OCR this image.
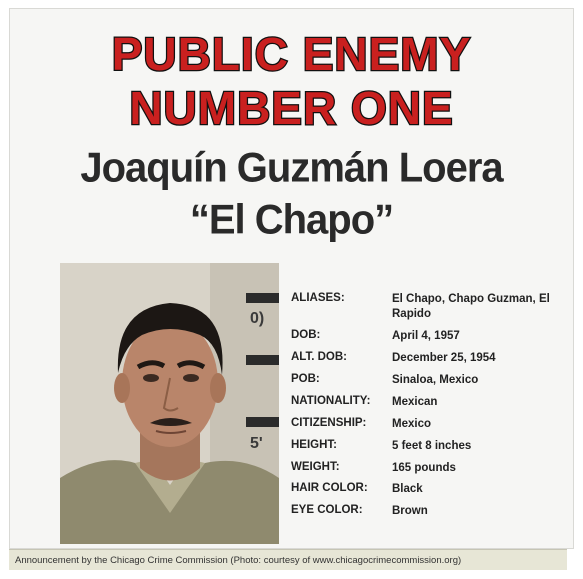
PUBLIC ENEMY
NUMBER ONE
Joaquín Guzmán Loera
“El Chapo”
0)
5'
ALIASES:	El Chapo, Chapo Guzman, El Rapido
DOB:	April 4, 1957
ALT. DOB:	December 25, 1954
POB:	Sinaloa, Mexico
NATIONALITY:	Mexican
CITIZENSHIP:	Mexico
HEIGHT:	5 feet 8 inches
WEIGHT:	165 pounds
HAIR COLOR:	Black
EYE COLOR:	Brown
Announcement by the Chicago Crime Commission (Photo: courtesy of www.chicagocrimecommission.org)
